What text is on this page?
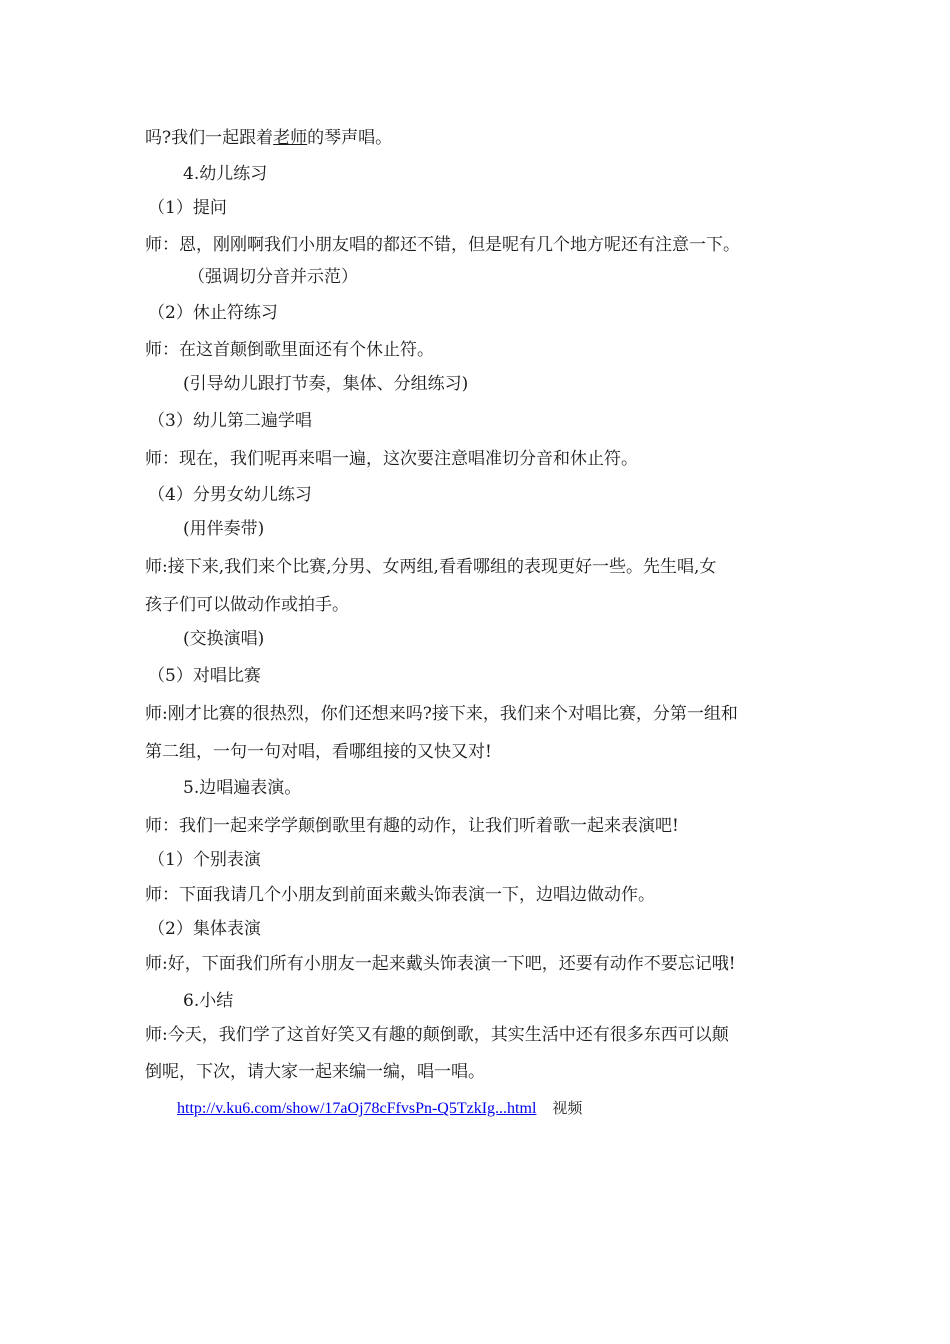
吗?我们一起跟着老师的琴声唱。
4.幼儿练习
（1）提问
师：恩，刚刚啊我们小朋友唱的都还不错，但是呢有几个地方呢还有注意一下。
（强调切分音并示范）
（2）休止符练习
师：在这首颠倒歌里面还有个休止符。
(引导幼儿跟打节奏，集体、分组练习)
（3）幼儿第二遍学唱
师：现在，我们呢再来唱一遍，这次要注意唱准切分音和休止符。
（4）分男女幼儿练习
(用伴奏带)
师:接下来,我们来个比赛,分男、女两组,看看哪组的表现更好一些。先生唱,女
孩子们可以做动作或拍手。
(交换演唱)
（5）对唱比赛
师:刚才比赛的很热烈，你们还想来吗?接下来，我们来个对唱比赛，分第一组和
第二组，一句一句对唱，看哪组接的又快又对!
5.边唱遍表演。
师：我们一起来学学颠倒歌里有趣的动作，让我们听着歌一起来表演吧!
（1）个别表演
师：下面我请几个小朋友到前面来戴头饰表演一下，边唱边做动作。
（2）集体表演
师:好，下面我们所有小朋友一起来戴头饰表演一下吧，还要有动作不要忘记哦!
6.小结
师:今天，我们学了这首好笑又有趣的颠倒歌，其实生活中还有很多东西可以颠
倒呢，下次，请大家一起来编一编，唱一唱。
http://v.ku6.com/show/17aOj78cFfvsPn-Q5TzkIg...html 视频
